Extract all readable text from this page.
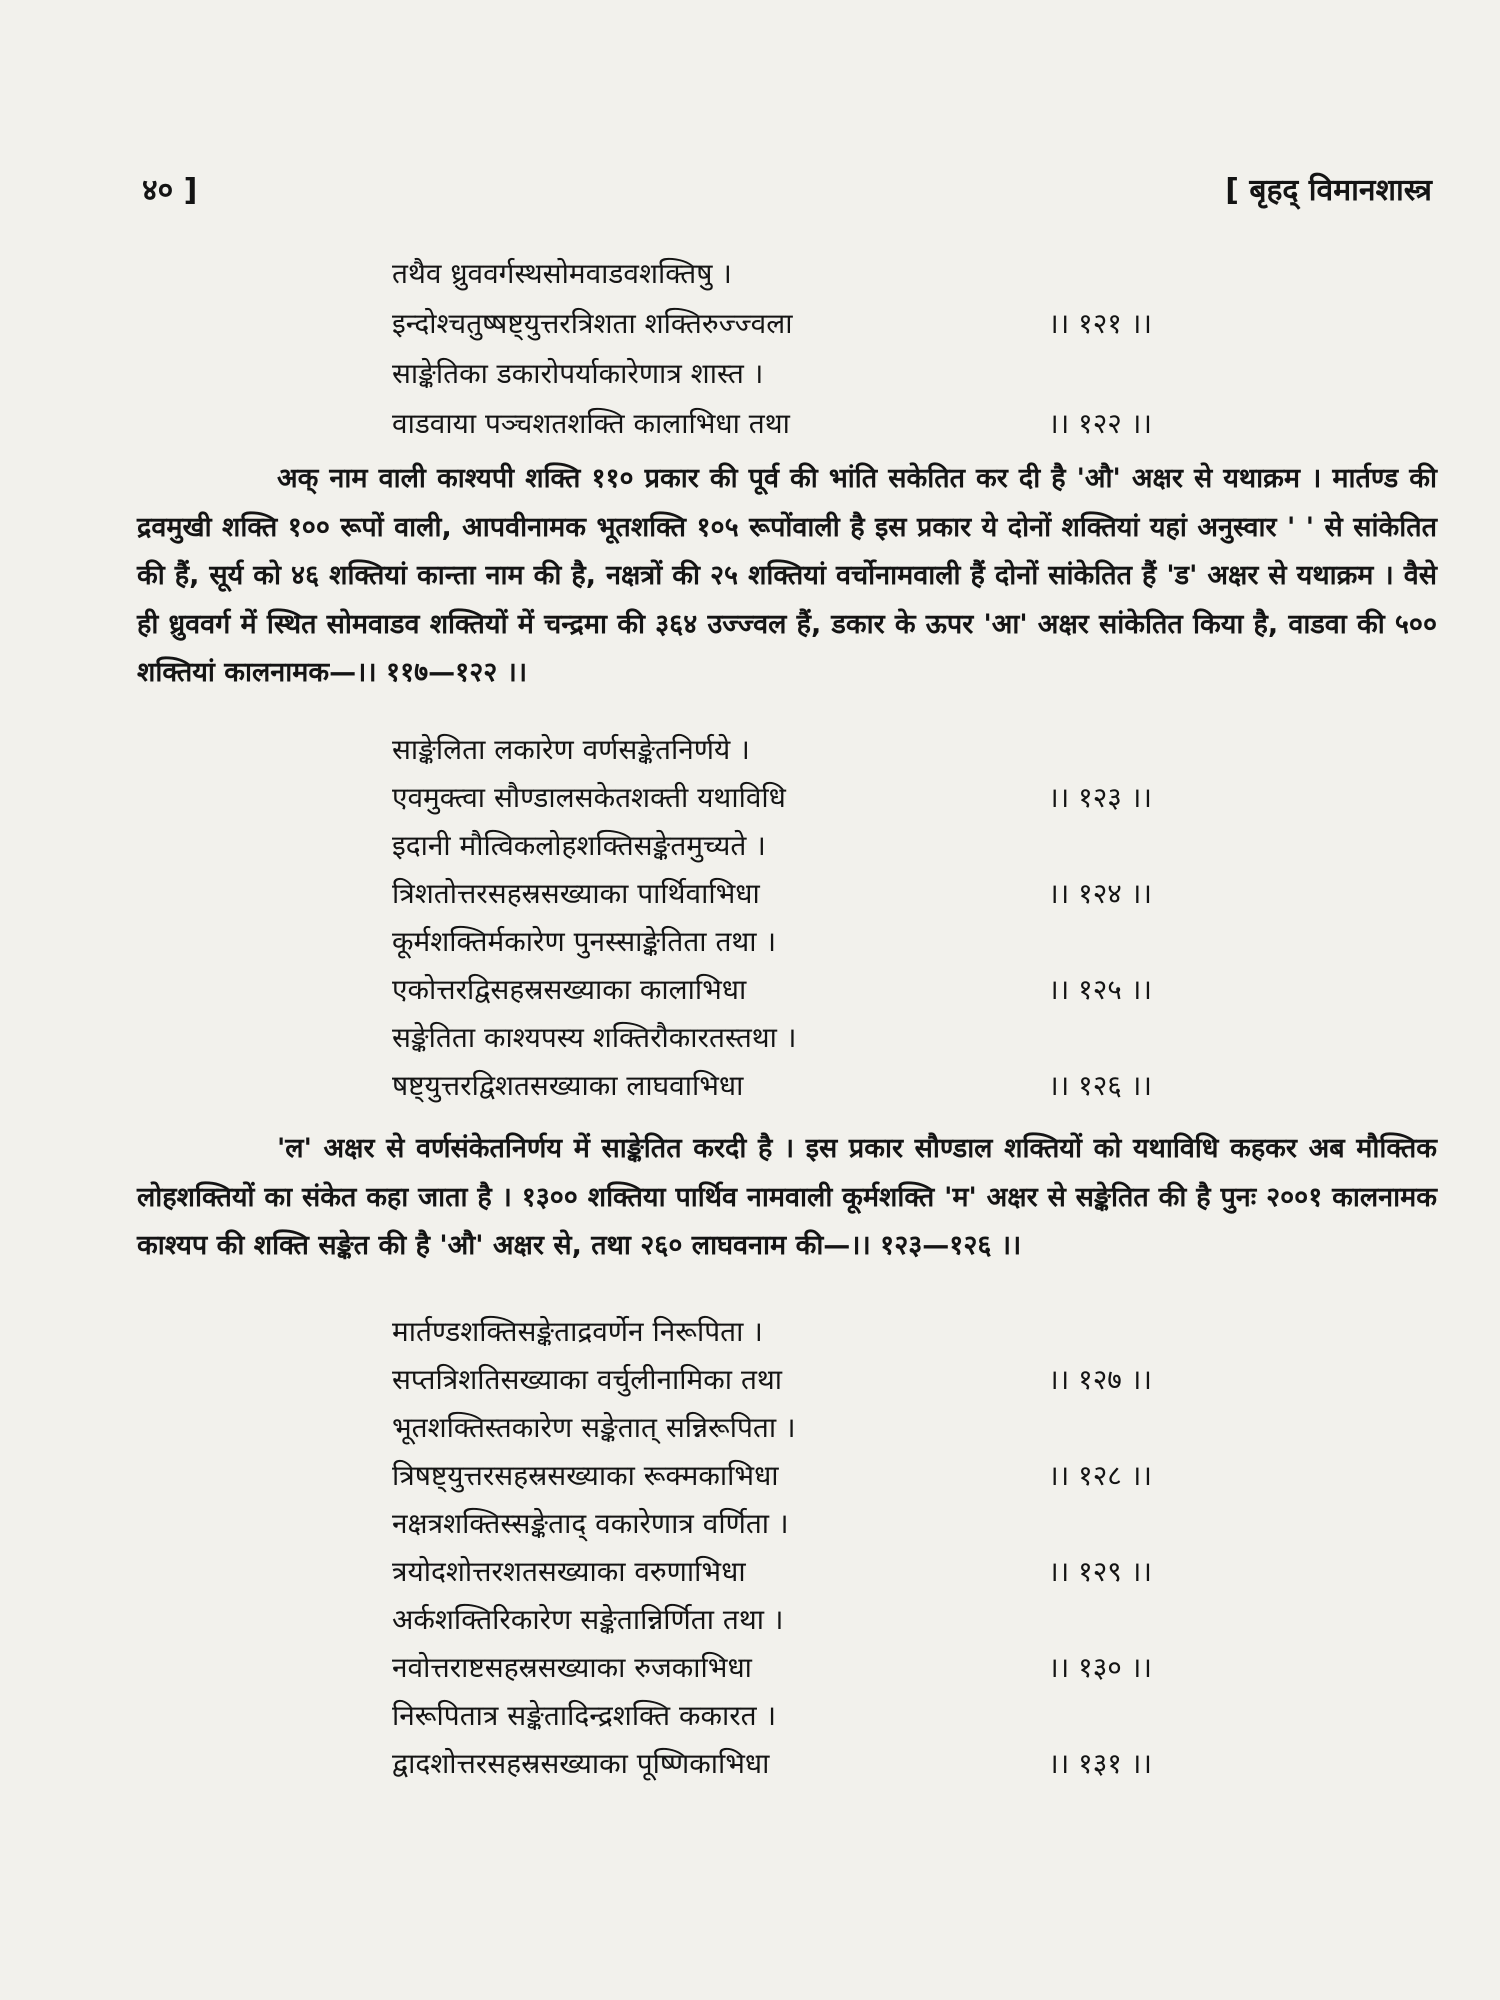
४० ]	[ बृहद् विमानशास्त्र
तथैव ध्रुववर्गस्थसोमवाडवशक्तिषु ।
इन्दोश्चतुष्षष्ट्युत्तरत्रिशता शक्तिरुज्ज्वला	।। १२१ ।।
साङ्केतिका डकारोपर्याकारेणात्र शास्त ।
वाडवाया पञ्चशतशक्ति कालाभिधा तथा	।। १२२ ।।

अक् नाम वाली काश्यपी शक्ति ११० प्रकार की पूर्व की भांति सकेतित कर दी है 'औ' अक्षर से यथाक्रम । मार्तण्ड की द्रवमुखी शक्ति १०० रूपों वाली, आपवीनामक भूतशक्ति १०५ रूपोंवाली है इस प्रकार ये दोनों शक्तियां यहां अनुस्वार ' ' से सांकेतित की हैं, सूर्य को ४६ शक्तियां कान्ता नाम की है, नक्षत्रों की २५ शक्तियां वर्चोनामवाली हैं दोनों सांकेतित हैं 'ड' अक्षर से यथाक्रम । वैसे ही ध्रुववर्ग में स्थित सोमवाडव शक्तियों में चन्द्रमा की ३६४ उज्ज्वल हैं, डकार के ऊपर 'आ' अक्षर सांकेतित किया है, वाडवा की ५०० शक्तियां कालनामक—।। ११७—१२२ ।।

साङ्केलिता लकारेण वर्णसङ्केतनिर्णये ।
एवमुक्त्वा सौण्डालसकेतशक्ती यथाविधि	।। १२३ ।।
इदानी मौत्विकलोहशक्तिसङ्केतमुच्यते ।
त्रिशतोत्तरसहस्रसख्याका पार्थिवाभिधा	।। १२४ ।।
कूर्मशक्तिर्मकारेण पुनस्साङ्केतिता तथा ।
एकोत्तरद्विसहस्रसख्याका कालाभिधा	।। १२५ ।।
सङ्केतिता काश्यपस्य शक्तिरौकारतस्तथा ।
षष्ट्युत्तरद्विशतसख्याका लाघवाभिधा	।। १२६ ।।

'ल' अक्षर से वर्णसंकेतनिर्णय में साङ्केतित करदी है । इस प्रकार सौण्डाल शक्तियों को यथाविधि कहकर अब मौक्तिक लोहशक्तियों का संकेत कहा जाता है । १३०० शक्तिया पार्थिव नामवाली कूर्मशक्ति 'म' अक्षर से सङ्केतित की है पुनः २००१ कालनामक काश्यप की शक्ति सङ्केत की है 'औ' अक्षर से, तथा २६० लाघवनाम की—।। १२३—१२६ ।।

मार्तण्डशक्तिसङ्केताद्रवर्णेन निरूपिता ।
सप्तत्रिशतिसख्याका वर्चुलीनामिका तथा	।। १२७ ।।
भूतशक्तिस्तकारेण सङ्केतात् सन्निरूपिता ।
त्रिषष्ट्युत्तरसहस्रसख्याका रूक्मकाभिधा	।। १२८ ।।
नक्षत्रशक्तिस्सङ्केताद् वकारेणात्र वर्णिता ।
त्रयोदशोत्तरशतसख्याका वरुणाभिधा	।। १२९ ।।
अर्कशक्तिरिकारेण सङ्केतान्निर्णिता तथा ।
नवोत्तराष्टसहस्रसख्याका रुजकाभिधा	।। १३० ।।
निरूपितात्र सङ्केतादिन्द्रशक्ति ककारत ।
द्वादशोत्तरसहस्रसख्याका पूष्णिकाभिधा	।। १३१ ।।
